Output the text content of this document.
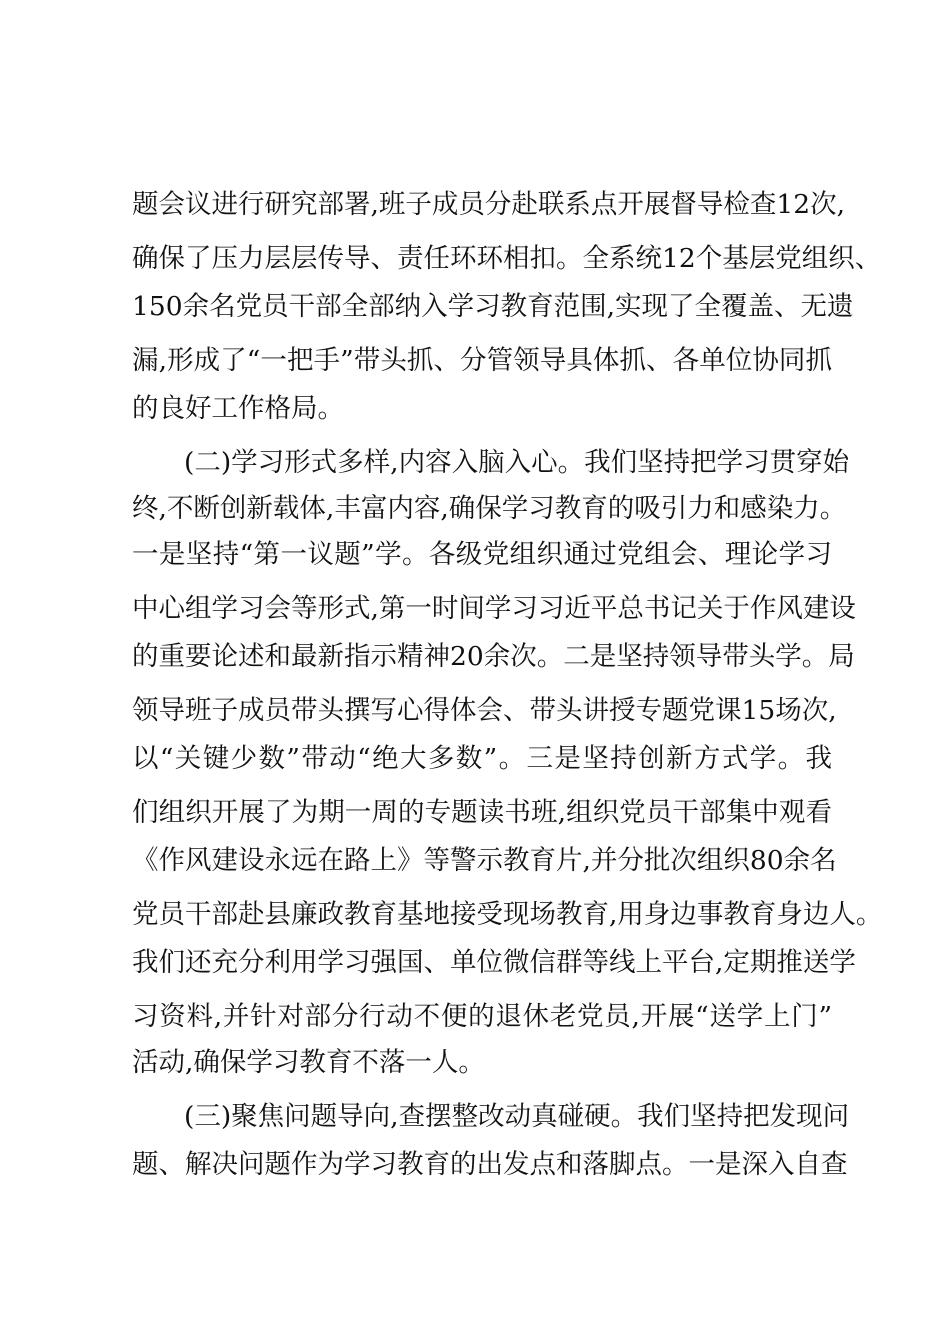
题会议进行研究部署,班子成员分赴联系点开展督导检查12次,
确保了压力层层传导、责任环环相扣。全系统12个基层党组织、
150余名党员干部全部纳入学习教育范围,实现了全覆盖、无遗
漏,形成了“一把手”带头抓、分管领导具体抓、各单位协同抓
的良好工作格局。
(二)学习形式多样,内容入脑入心。我们坚持把学习贯穿始
终,不断创新载体,丰富内容,确保学习教育的吸引力和感染力。
一是坚持“第一议题”学。各级党组织通过党组会、理论学习
中心组学习会等形式,第一时间学习习近平总书记关于作风建设
的重要论述和最新指示精神20余次。二是坚持领导带头学。局
领导班子成员带头撰写心得体会、带头讲授专题党课15场次,
以“关键少数”带动“绝大多数”。三是坚持创新方式学。我
们组织开展了为期一周的专题读书班,组织党员干部集中观看
《作风建设永远在路上》等警示教育片,并分批次组织80余名
党员干部赴县廉政教育基地接受现场教育,用身边事教育身边人。
我们还充分利用学习强国、单位微信群等线上平台,定期推送学
习资料,并针对部分行动不便的退休老党员,开展“送学上门”
活动,确保学习教育不落一人。
(三)聚焦问题导向,查摆整改动真碰硬。我们坚持把发现问
题、解决问题作为学习教育的出发点和落脚点。一是深入自查
